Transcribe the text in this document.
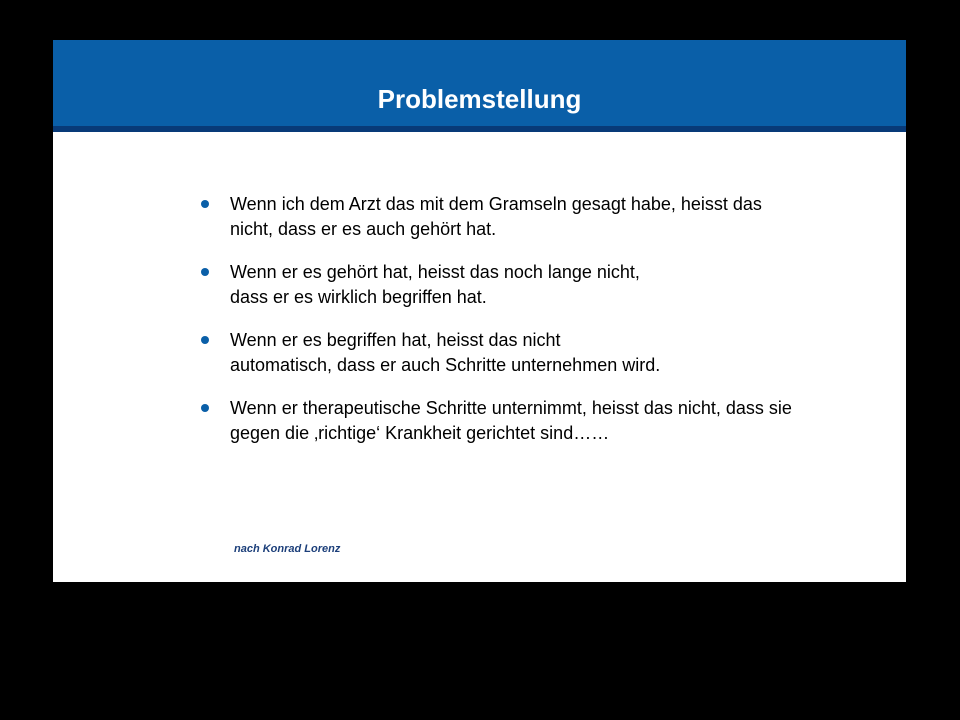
Problemstellung
Wenn ich dem Arzt das mit dem Gramseln gesagt habe, heisst das
nicht, dass er es auch gehört hat.
Wenn er es gehört hat, heisst das noch lange nicht,
dass er es wirklich begriffen hat.
Wenn er es begriffen hat, heisst das nicht
automatisch, dass er auch Schritte unternehmen wird.
Wenn er therapeutische Schritte unternimmt, heisst das nicht, dass sie
gegen die ‚richtige‘ Krankheit gerichtet sind……

nach Konrad Lorenz
